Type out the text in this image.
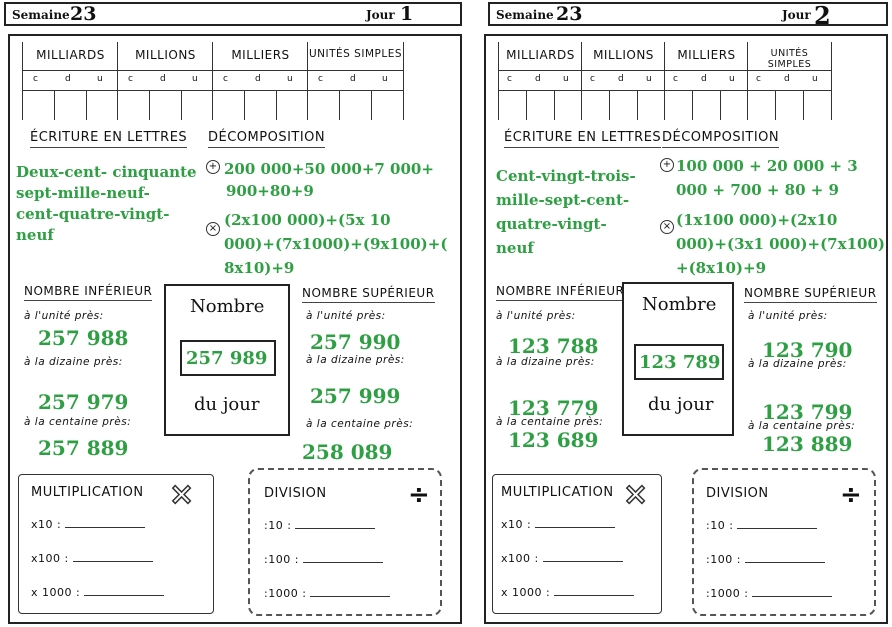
Semaine 23	Jour 1
MILLIARDS
c	d	u
MILLIONS
c	d	u
MILLIERS
c	d	u
UNITÉS SIMPLES
c	d	u
ÉCRITURE EN LETTRES DÉCOMPOSITION
Deux-cent- cinquante
sept-mille-neuf-
cent-quatre-vingt-
neuf
+ 200 000+50 000+7 000+
900+80+9
× (2x100 000)+(5x 10
000)+(7x1000)+(9x100)+(
8x10)+9
NOMBRE INFÉRIEUR
à l'unité près:
257 988
à la dizaine près:
257 979
à la centaine près:
257 889
Nombre
257 989
du jour
NOMBRE SUPÉRIEUR
à l'unité près:
257 990
à la dizaine près:
257 999
à la centaine près:
258 089
MULTIPLICATION ×
x10 :
x100 :
x 1000 :
DIVISION	÷
:10 :
:100 :
:1000 :
Semaine 23	Jour 2
MILLIARDS
c	d u
MILLIONS
c	d u
MILLIERS
c	d u
UNITÉS SIMPLES
c	d u
ÉCRITURE EN LETTRES DÉCOMPOSITION
Cent-vingt-trois-
mille-sept-cent-
quatre-vingt-
neuf
+ 100 000 + 20 000 + 3
000 + 700 + 80 + 9
× (1x100 000)+(2x10
000)+(3x1 000)+(7x100)
+(8x10)+9
NOMBRE INFÉRIEUR
à l'unité près:
123 788
à la dizaine près:
123 779
à la centaine près:
123 689
Nombre
123 789
du jour
NOMBRE SUPÉRIEUR
à l'unité près:
123 790
à la dizaine près:
123 799
à la centaine près:
123 889
MULTIPLICATION ×
x10 :
x100 :
x 1000 :
DIVISION	÷
:10 :
:100 :
:1000 :
